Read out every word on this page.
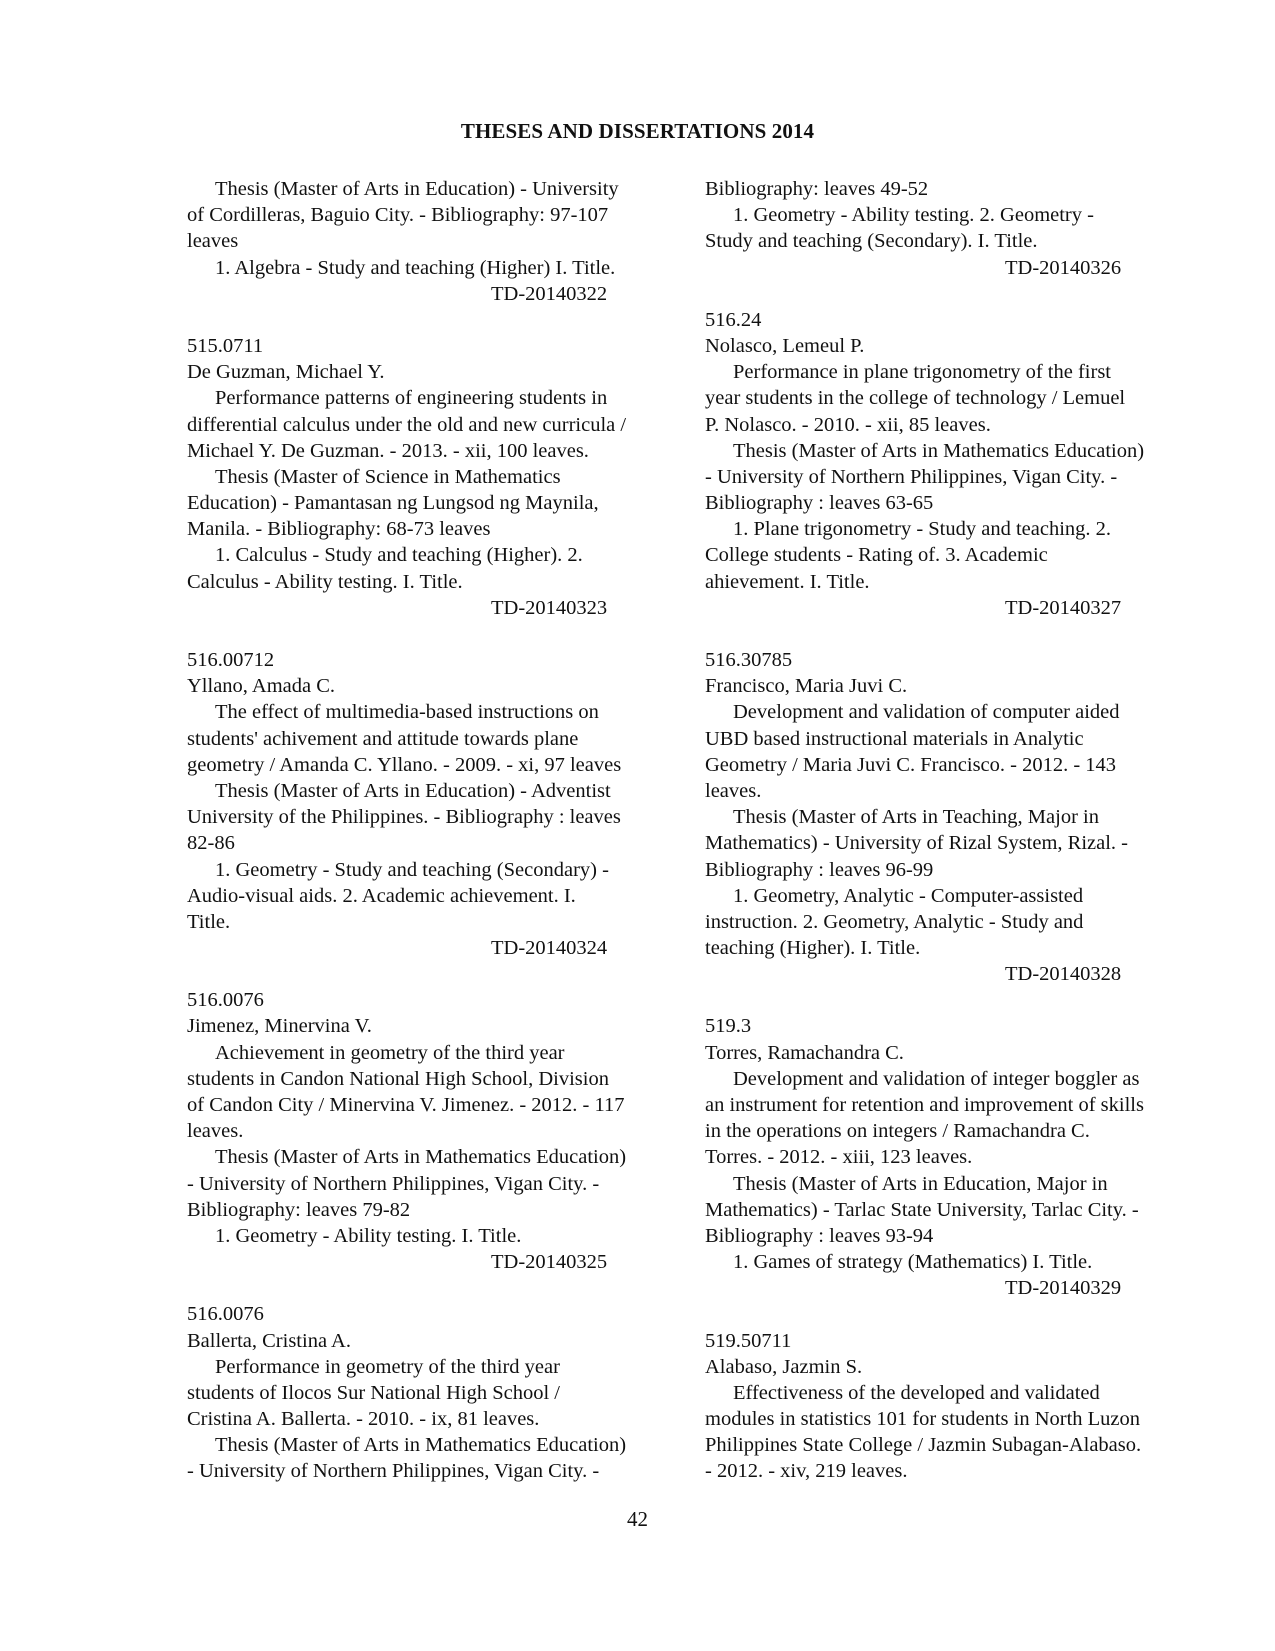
THESES AND DISSERTATIONS 2014
Thesis (Master of Arts in Education) - University
of Cordilleras, Baguio City. - Bibliography: 97-107
leaves
1. Algebra - Study and teaching (Higher) I. Title.
TD-20140322
515.0711
De Guzman, Michael Y.
Performance patterns of engineering students in
differential calculus under the old and new curricula /
Michael Y. De Guzman. - 2013. - xii, 100 leaves.
Thesis (Master of Science in Mathematics
Education) - Pamantasan ng Lungsod ng Maynila,
Manila. - Bibliography: 68-73 leaves
1. Calculus - Study and teaching (Higher). 2.
Calculus - Ability testing. I. Title.
TD-20140323
516.00712
Yllano, Amada C.
The effect of multimedia-based instructions on
students' achivement and attitude towards plane
geometry / Amanda C. Yllano. - 2009. - xi, 97 leaves
Thesis (Master of Arts in Education) - Adventist
University of the Philippines. - Bibliography : leaves
82-86
1. Geometry - Study and teaching (Secondary) -
Audio-visual aids. 2. Academic achievement. I.
Title.
TD-20140324
516.0076
Jimenez, Minervina V.
Achievement in geometry of the third year
students in Candon National High School, Division
of Candon City / Minervina V. Jimenez. - 2012. - 117
leaves.
Thesis (Master of Arts in Mathematics Education)
- University of Northern Philippines, Vigan City. -
Bibliography: leaves 79-82
1. Geometry - Ability testing. I. Title.
TD-20140325
516.0076
Ballerta, Cristina A.
Performance in geometry of the third year
students of Ilocos Sur National High School /
Cristina A. Ballerta. - 2010. - ix, 81 leaves.
Thesis (Master of Arts in Mathematics Education)
- University of Northern Philippines, Vigan City. -
Bibliography: leaves 49-52
1. Geometry - Ability testing. 2. Geometry -
Study and teaching (Secondary). I. Title.
TD-20140326
516.24
Nolasco, Lemeul P.
Performance in plane trigonometry of the first
year students in the college of technology / Lemuel
P. Nolasco. - 2010. - xii, 85 leaves.
Thesis (Master of Arts in Mathematics Education)
- University of Northern Philippines, Vigan City. -
Bibliography : leaves 63-65
1. Plane trigonometry - Study and teaching. 2.
College students - Rating of. 3. Academic
ahievement. I. Title.
TD-20140327
516.30785
Francisco, Maria Juvi C.
Development and validation of computer aided
UBD based instructional materials in Analytic
Geometry / Maria Juvi C. Francisco. - 2012. - 143
leaves.
Thesis (Master of Arts in Teaching, Major in
Mathematics) - University of Rizal System, Rizal. -
Bibliography : leaves 96-99
1. Geometry, Analytic - Computer-assisted
instruction. 2. Geometry, Analytic - Study and
teaching (Higher). I. Title.
TD-20140328
519.3
Torres, Ramachandra C.
Development and validation of integer boggler as
an instrument for retention and improvement of skills
in the operations on integers / Ramachandra C.
Torres. - 2012. - xiii, 123 leaves.
Thesis (Master of Arts in Education, Major in
Mathematics) - Tarlac State University, Tarlac City. -
Bibliography : leaves 93-94
1. Games of strategy (Mathematics) I. Title.
TD-20140329
519.50711
Alabaso, Jazmin S.
Effectiveness of the developed and validated
modules in statistics 101 for students in North Luzon
Philippines State College / Jazmin Subagan-Alabaso.
- 2012. - xiv, 219 leaves.
42
